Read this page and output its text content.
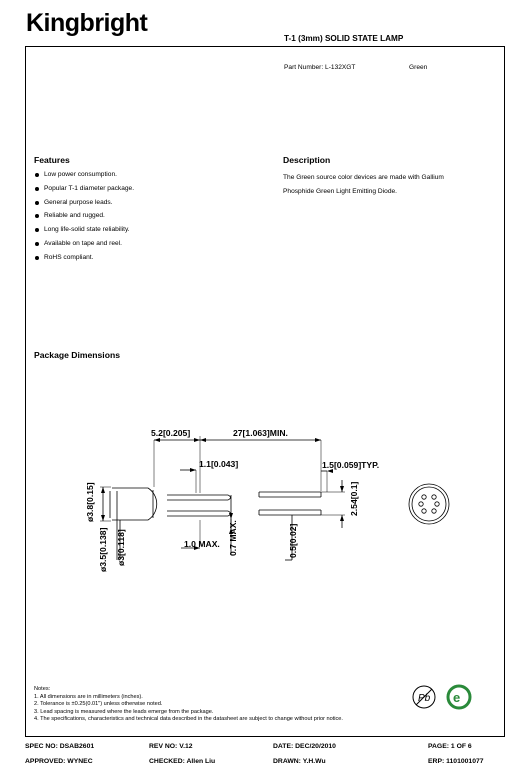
Kingbright
T-1 (3mm) SOLID STATE LAMP
Part Number: L-132XGT	Green
Features
Low power consumption.
Popular T-1 diameter package.
General purpose leads.
Reliable and rugged.
Long life-solid state reliability.
Available on tape and reel.
RoHS compliant.
Description
The Green source color devices are made with Gallium
Phosphide Green Light Emitting Diode.
Package Dimensions
5.2[0.205]	27[1.063]MIN.
1.1[0.043]	1.5[0.059]TYP.
1.0 MAX.
ø3.8[0.15]
ø3.5[0.138] ø3[0.118]	0.7 MAX.	0.5[0.02]
2.54[0.1]
Pb e
Notes:
1. All dimensions are in millimeters (inches).
2. Tolerance is ±0.25(0.01") unless otherwise noted.
3. Lead spacing is measured where the leads emerge from the package.
4. The specifications, characteristics and technical data described in the datasheet are subject to change without prior notice.
SPEC NO: DSAB2601	REV NO: V.12	DATE: DEC/20/2010	PAGE: 1 OF 6
APPROVED: WYNEC	CHECKED: Allen Liu	DRAWN: Y.H.Wu	ERP: 1101001077
